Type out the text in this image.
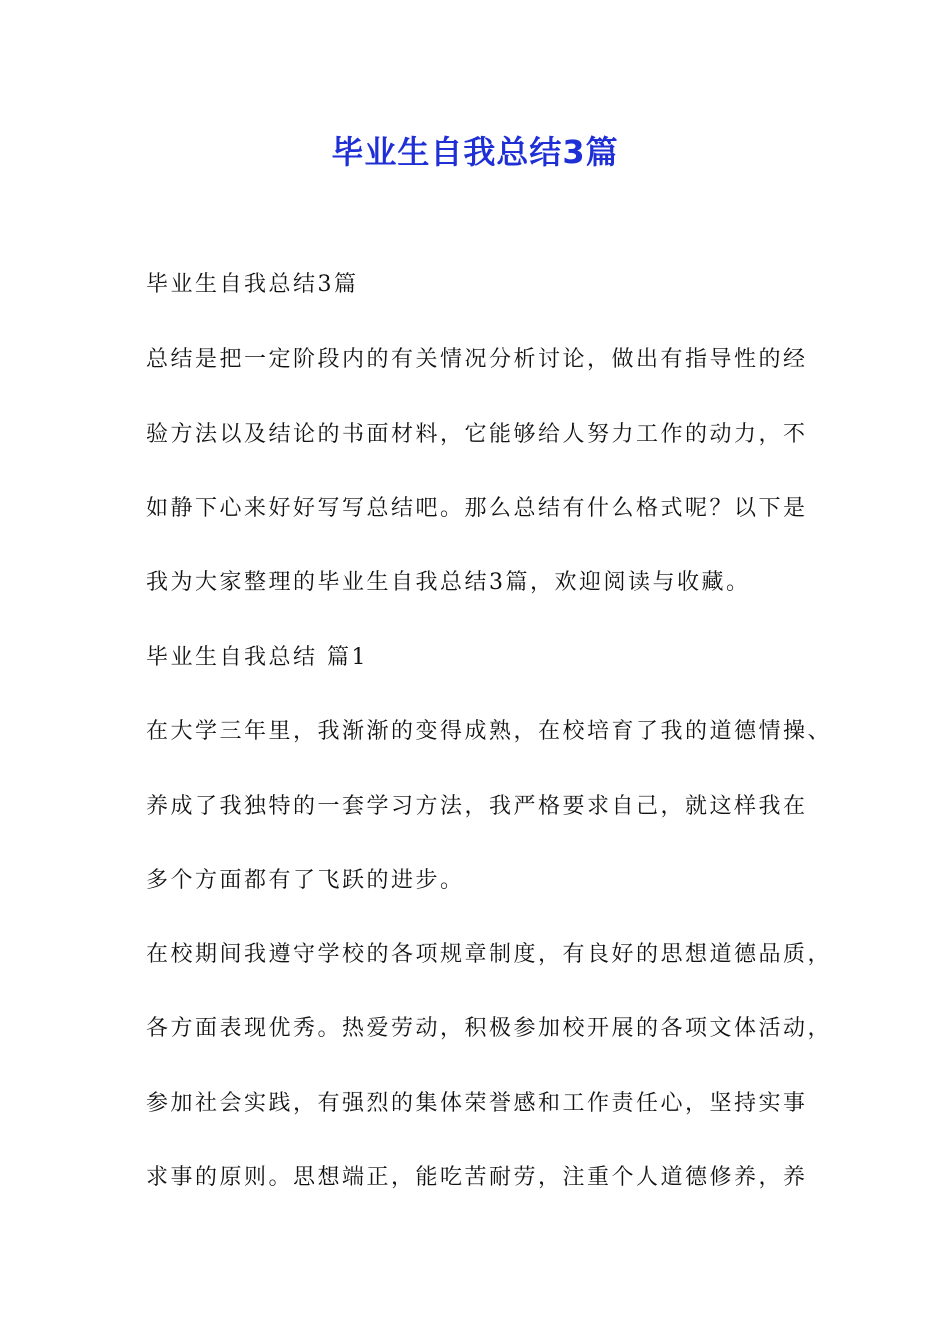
毕业生自我总结3篇
毕业生自我总结3篇
总结是把一定阶段内的有关情况分析讨论，做出有指导性的经
验方法以及结论的书面材料，它能够给人努力工作的动力，不
如静下心来好好写写总结吧。那么总结有什么格式呢？以下是
我为大家整理的毕业生自我总结3篇，欢迎阅读与收藏。
毕业生自我总结 篇1
在大学三年里，我渐渐的变得成熟，在校培育了我的道德情操、
养成了我独特的一套学习方法，我严格要求自己，就这样我在
多个方面都有了飞跃的进步。
在校期间我遵守学校的各项规章制度，有良好的思想道德品质，
各方面表现优秀。热爱劳动，积极参加校开展的各项文体活动，
参加社会实践，有强烈的集体荣誉感和工作责任心，坚持实事
求事的原则。思想端正，能吃苦耐劳，注重个人道德修养，养
